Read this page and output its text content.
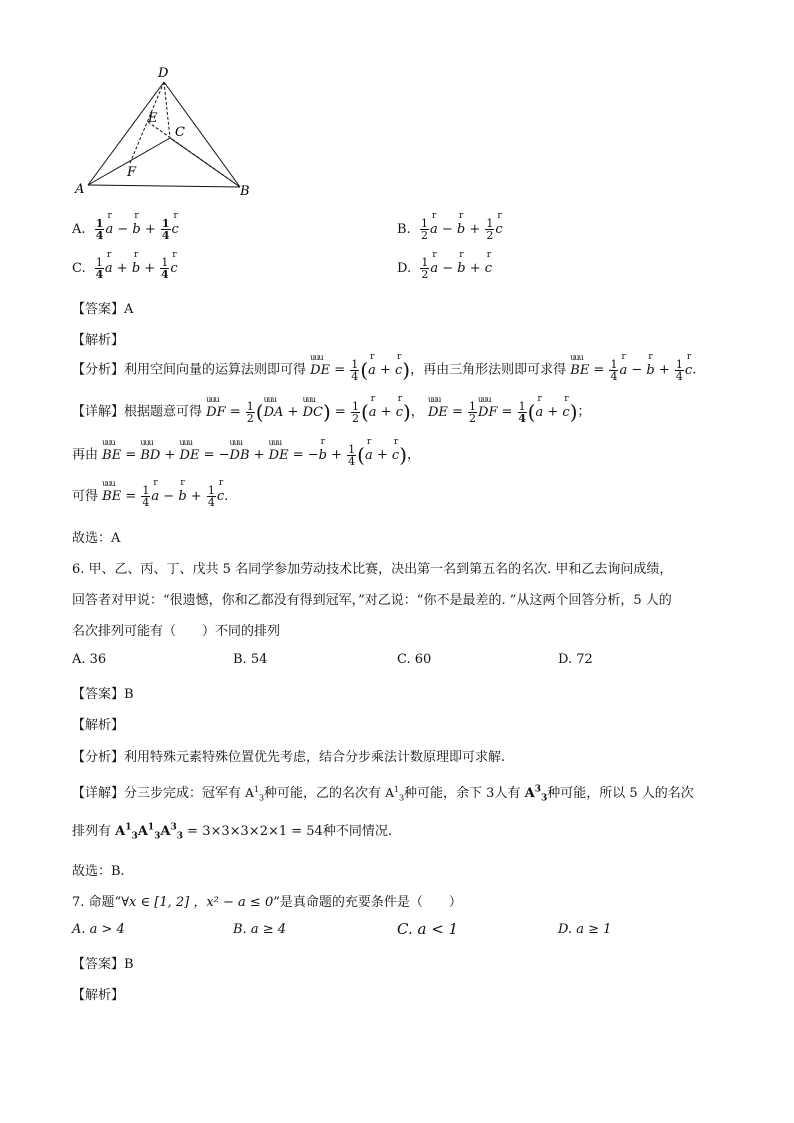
D
E
C
F
A	B
A. $\frac{1}{4}$ r a − r $b + \frac{1}{4}$ r c	B. $\frac{1}{2}$ r a − r $b + \frac{1}{2}$ r c
C. $\frac{1}{4}$ r a + r $b + \frac{1}{4}$ r c	D. $\frac{1}{2}$ r a − r b + r c
【答案】A
【解析】
【分析】利用空间向量的运算法则即可得 uuu DE = $\frac{1}{4} (r$ a + r c)，再由三角形法则即可求得 uuu BE = $\frac{1}{4}$ r a − r $b + \frac{1}{4}$ r c.
【详解】根据题意可得 uuu DF = $\frac{1}{2} (uuu$ DA + uuu $DC) = \frac{1}{2} (r$ a + r c)， uuu DE = $\frac{1}{2}$ uuu DF = $\frac{1}{4} (r$ a + r c)；
再由 uuu BE = uuu BD + uuu DE = −uuu DB + uuu DE = −r $b + \frac{1}{4} (r$ a + r c)，
可得 uuu BE = $\frac{1}{4}$ r a − r $b + \frac{1}{4}$ r c.
故选：A
6. 甲、乙、丙、丁、戊共 5 名同学参加劳动技术比赛，决出第一名到第五名的名次. 甲和乙去询问成绩，
回答者对甲说：“很遗憾，你和乙都没有得到冠军，”对乙说：“你不是最差的. ”从这两个回答分析，5 人的
名次排列可能有（　　）不同的排列
A. 36	B. 54	C. 60	D. 72
【答案】B
【解析】
【分析】利用特殊元素特殊位置优先考虑，结合分步乘法计数原理即可求解.
【详解】分三步完成：冠军有 $A^1_3$种可能，乙的名次有 $A^1_3$种可能，余下 3人有 $A^3_3$种可能，所以 5 人的名次
排列有 $A^1_3A^1_3A^3_3 = 3\times 3\times 3\times 2\times 1 = 54$种不同情况.
故选：B.
7. 命题“∀x ∈ [1, 2] ，x² − a ≤ 0”是真命题的充要条件是（　　）
A. a > 4	B. a ≥ 4	C. a < 1	D. a ≥ 1
【答案】B
【解析】
